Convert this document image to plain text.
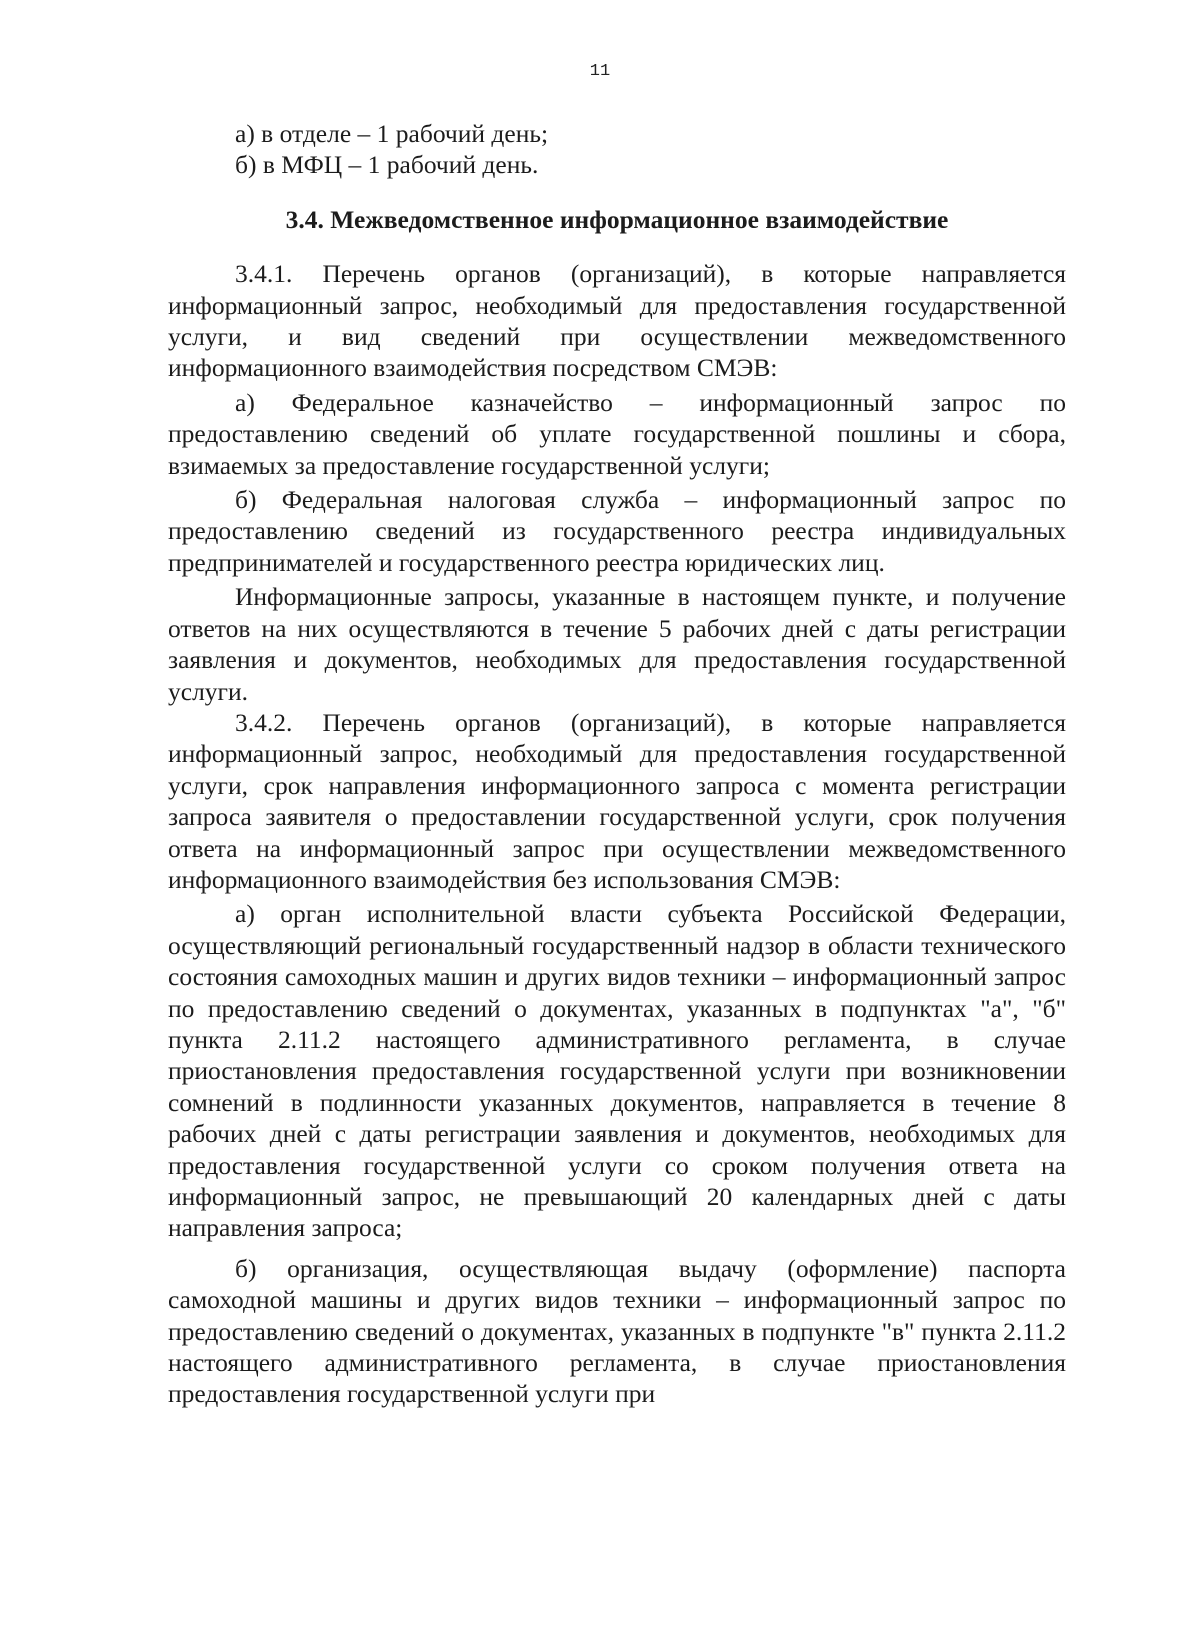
11

а) в отделе – 1 рабочий день;

б) в МФЦ – 1 рабочий день.

3.4. Межведомственное информационное взаимодействие

3.4.1. Перечень органов (организаций), в которые направляется информационный запрос, необходимый для предоставления государственной услуги, и вид сведений при осуществлении межведомственного информационного взаимодействия посредством СМЭВ:

а) Федеральное казначейство – информационный запрос по предоставлению сведений об уплате государственной пошлины и сбора, взимаемых за предоставление государственной услуги;

б) Федеральная налоговая служба – информационный запрос по предоставлению сведений из государственного реестра индивидуальных предпринимателей и государственного реестра юридических лиц.

Информационные запросы, указанные в настоящем пункте, и получение ответов на них осуществляются в течение 5 рабочих дней с даты регистрации заявления и документов, необходимых для предоставления государственной услуги.

3.4.2. Перечень органов (организаций), в которые направляется информационный запрос, необходимый для предоставления государственной услуги, срок направления информационного запроса с момента регистрации запроса заявителя о предоставлении государственной услуги, срок получения ответа на информационный запрос при осуществлении межведомственного информационного взаимодействия без использования СМЭВ:

а) орган исполнительной власти субъекта Российской Федерации, осуществляющий региональный государственный надзор в области технического состояния самоходных машин и других видов техники – информационный запрос по предоставлению сведений о документах, указанных в подпунктах "а", "б" пункта 2.11.2 настоящего административного регламента, в случае приостановления предоставления государственной услуги при возникновении сомнений в подлинности указанных документов, направляется в течение 8 рабочих дней с даты регистрации заявления и документов, необходимых для предоставления государственной услуги со сроком получения ответа на информационный запрос, не превышающий 20 календарных дней с даты направления запроса;

б) организация, осуществляющая выдачу (оформление) паспорта самоходной машины и других видов техники – информационный запрос по предоставлению сведений о документах, указанных в подпункте "в" пункта 2.11.2 настоящего административного регламента, в случае приостановления предоставления государственной услуги при
